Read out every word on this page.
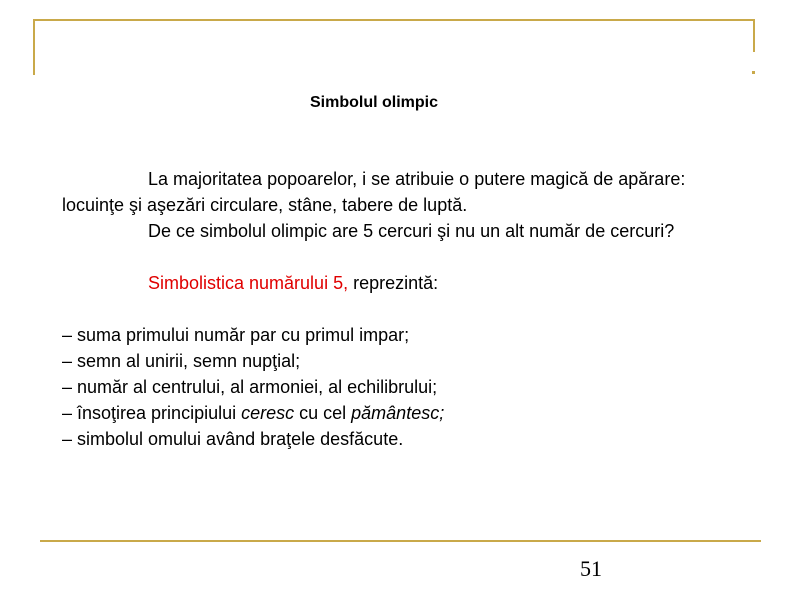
Simbolul olimpic

La majoritatea popoarelor, i se atribuie o putere magică de apărare: locuinţe şi aşezări circulare, stâne, tabere de luptă.

De ce simbolul olimpic are 5 cercuri şi nu un alt număr de cercuri?

Simbolistica numărului 5, reprezintă:

– suma primului număr par cu primul impar;

– semn al unirii, semn nupţial;

– număr al centrului, al armoniei, al echilibrului;

– însoţirea principiului ceresc cu cel pământesc;

– simbolul omului având braţele desfăcute.

51
